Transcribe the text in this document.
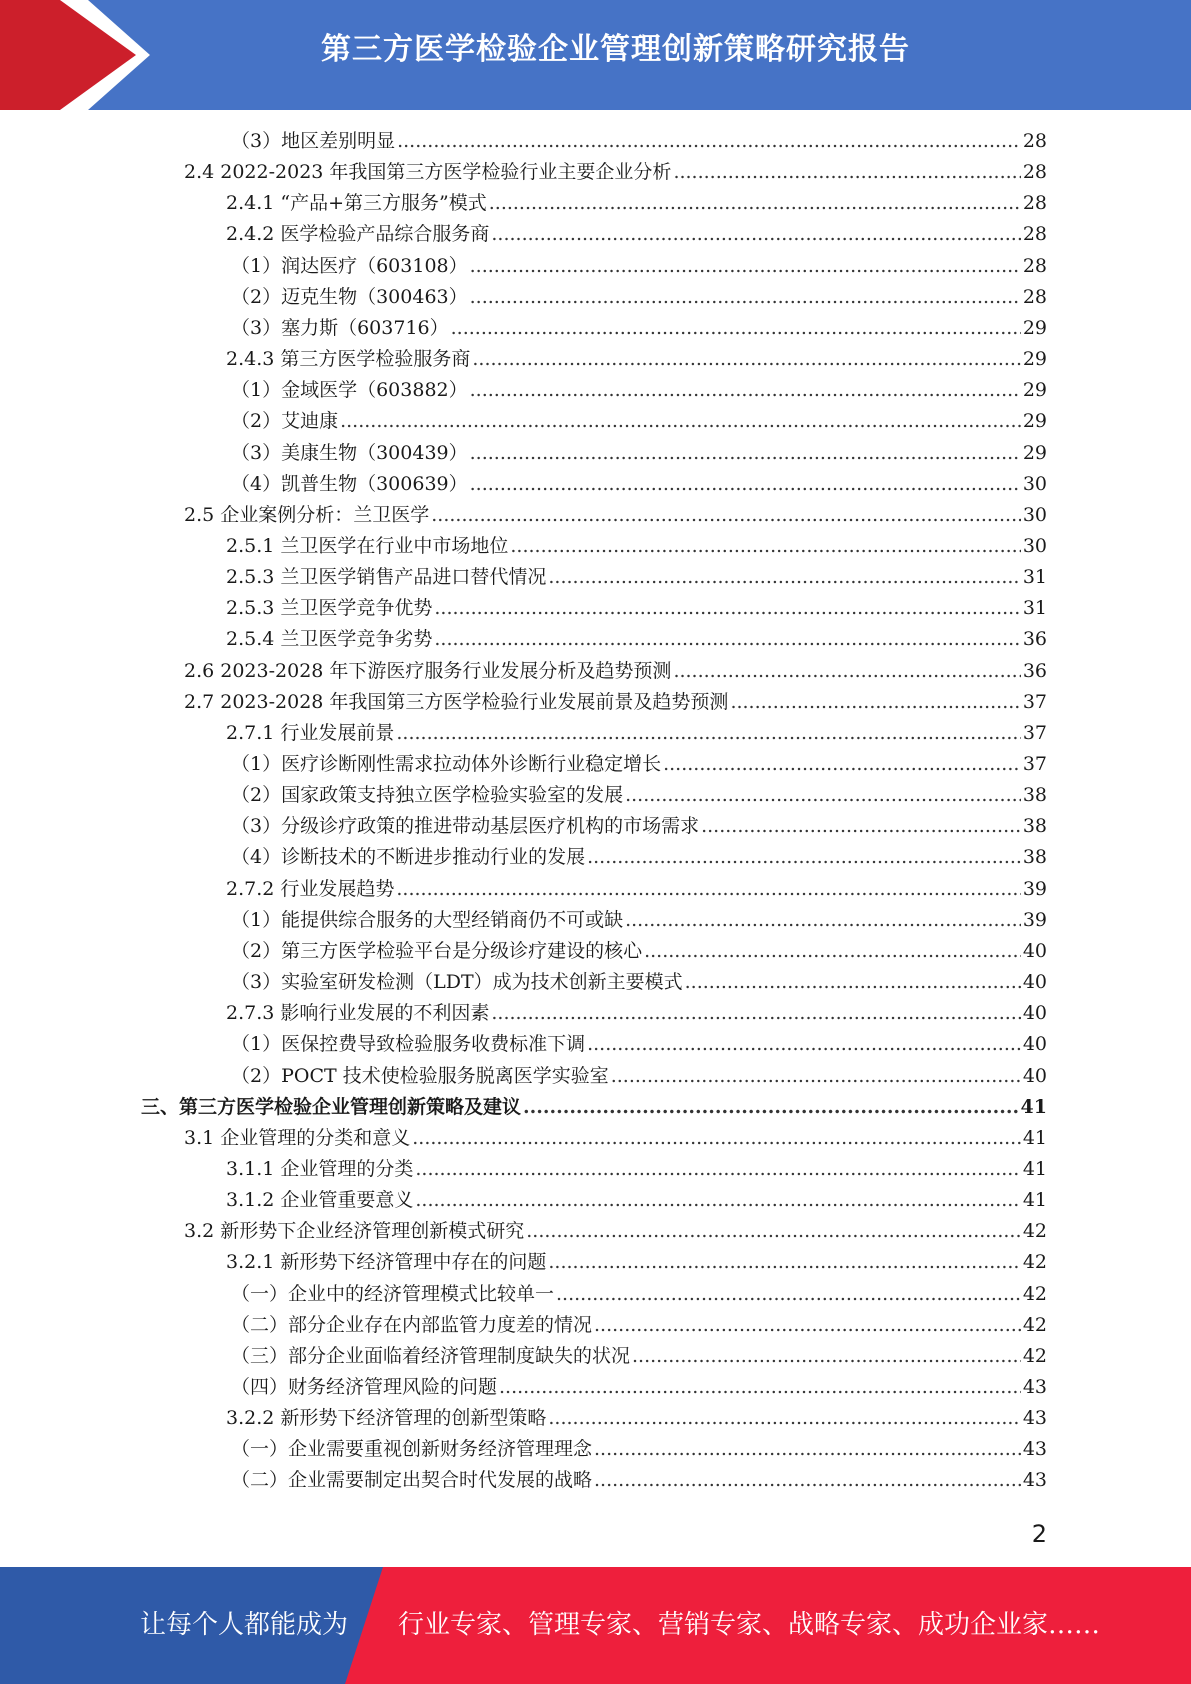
第三方医学检验企业管理创新策略研究报告
（3）地区差别明显 .....	28
2.4 2022-2023 年我国第三方医学检验行业主要企业分析 .....	28
2.4.1 “产品+第三方服务”模式 .....	28
2.4.2 医学检验产品综合服务商 .....	28
（1）润达医疗（603108） .....	28
（2）迈克生物（300463） .....	28
（3）塞力斯（603716） .....	29
2.4.3 第三方医学检验服务商 .....	29
（1）金域医学（603882） .....	29
（2）艾迪康 .....	29
（3）美康生物（300439） .....	29
（4）凯普生物（300639） .....	30
2.5 企业案例分析：兰卫医学 .....	30
2.5.1 兰卫医学在行业中市场地位 .....	30
2.5.3 兰卫医学销售产品进口替代情况 .....	31
2.5.3 兰卫医学竞争优势 .....	31
2.5.4 兰卫医学竞争劣势 .....	36
2.6 2023-2028 年下游医疗服务行业发展分析及趋势预测 .....	36
2.7 2023-2028 年我国第三方医学检验行业发展前景及趋势预测 .....	37
2.7.1 行业发展前景 .....	37
（1）医疗诊断刚性需求拉动体外诊断行业稳定增长 .....	37
（2）国家政策支持独立医学检验实验室的发展 .....	38
（3）分级诊疗政策的推进带动基层医疗机构的市场需求 .....	38
（4）诊断技术的不断进步推动行业的发展 .....	38
2.7.2 行业发展趋势 .....	39
（1）能提供综合服务的大型经销商仍不可或缺 .....	39
（2）第三方医学检验平台是分级诊疗建设的核心 .....	40
（3）实验室研发检测（LDT）成为技术创新主要模式 .....	40
2.7.3 影响行业发展的不利因素 .....	40
（1）医保控费导致检验服务收费标准下调 .....	40
（2）POCT 技术使检验服务脱离医学实验室 .....	40
三、第三方医学检验企业管理创新策略及建议 .....	41
3.1 企业管理的分类和意义 .....	41
3.1.1 企业管理的分类 .....	41
3.1.2 企业管重要意义 .....	41
3.2 新形势下企业经济管理创新模式研究 .....	42
3.2.1 新形势下经济管理中存在的问题 .....	42
（一）企业中的经济管理模式比较单一 .....	42
（二）部分企业存在内部监管力度差的情况 .....	42
（三）部分企业面临着经济管理制度缺失的状况 .....	42
（四）财务经济管理风险的问题 .....	43
3.2.2 新形势下经济管理的创新型策略 .....	43
（一）企业需要重视创新财务经济管理理念 .....	43
（二）企业需要制定出契合时代发展的战略 .....	43
2
让每个人都能成为 行业专家、管理专家、营销专家、战略专家、成功企业家……
